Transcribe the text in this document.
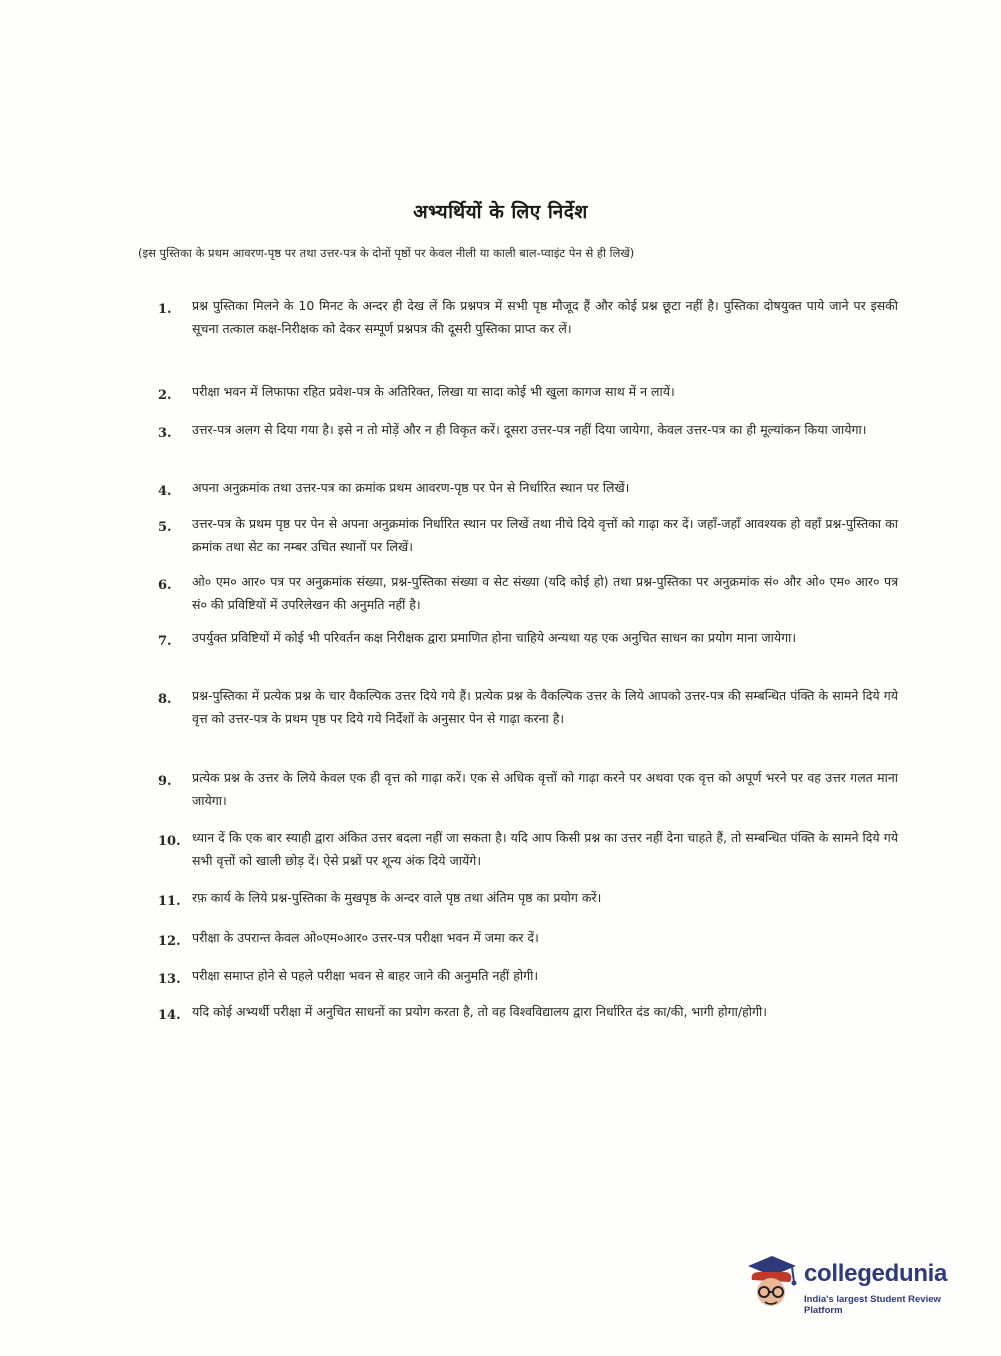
अभ्यर्थियों के लिए निर्देश
(इस पुस्तिका के प्रथम आवरण-पृष्ठ पर तथा उत्तर-पत्र के दोनों पृष्ठों पर केवल नीली या काली बाल-प्वाइंट पेन से ही लिखें)
1.	प्रश्न पुस्तिका मिलने के 10 मिनट के अन्दर ही देख लें कि प्रश्नपत्र में सभी पृष्ठ मौजूद हैं और कोई प्रश्न छूटा नहीं है। पुस्तिका दोषयुक्त पाये जाने पर इसकी सूचना तत्काल कक्ष-निरीक्षक को देकर सम्पूर्ण प्रश्नपत्र की दूसरी पुस्तिका प्राप्त कर लें।
2.	परीक्षा भवन में लिफाफा रहित प्रवेश-पत्र के अतिरिक्त, लिखा या सादा कोई भी खुला कागज साथ में न लायें।
3.	उत्तर-पत्र अलग से दिया गया है। इसे न तो मोड़ें और न ही विकृत करें। दूसरा उत्तर-पत्र नहीं दिया जायेगा, केवल उत्तर-पत्र का ही मूल्यांकन किया जायेगा।
4.	अपना अनुक्रमांक तथा उत्तर-पत्र का क्रमांक प्रथम आवरण-पृष्ठ पर पेन से निर्धारित स्थान पर लिखें।
5.	उत्तर-पत्र के प्रथम पृष्ठ पर पेन से अपना अनुक्रमांक निर्धारित स्थान पर लिखें तथा नीचे दिये वृत्तों को गाढ़ा कर दें। जहाँ-जहाँ आवश्यक हो वहाँ प्रश्न-पुस्तिका का क्रमांक तथा सेट का नम्बर उचित स्थानों पर लिखें।
6.	ओ० एम० आर० पत्र पर अनुक्रमांक संख्या, प्रश्न-पुस्तिका संख्या व सेट संख्या (यदि कोई हो) तथा प्रश्न-पुस्तिका पर अनुक्रमांक सं० और ओ० एम० आर० पत्र सं० की प्रविष्टियों में उपरिलेखन की अनुमति नहीं है।
7.	उपर्युक्त प्रविष्टियों में कोई भी परिवर्तन कक्ष निरीक्षक द्वारा प्रमाणित होना चाहिये अन्यथा यह एक अनुचित साधन का प्रयोग माना जायेगा।
8.	प्रश्न-पुस्तिका में प्रत्येक प्रश्न के चार वैकल्पिक उत्तर दिये गये हैं। प्रत्येक प्रश्न के वैकल्पिक उत्तर के लिये आपको उत्तर-पत्र की सम्बन्धित पंक्ति के सामने दिये गये वृत्त को उत्तर-पत्र के प्रथम पृष्ठ पर दिये गये निर्देशों के अनुसार पेन से गाढ़ा करना है।
9.	प्रत्येक प्रश्न के उत्तर के लिये केवल एक ही वृत्त को गाढ़ा करें। एक से अधिक वृत्तों को गाढ़ा करने पर अथवा एक वृत्त को अपूर्ण भरने पर वह उत्तर गलत माना जायेगा।
10. ध्यान दें कि एक बार स्याही द्वारा अंकित उत्तर बदला नहीं जा सकता है। यदि आप किसी प्रश्न का उत्तर नहीं देना चाहते हैं, तो सम्बन्धित पंक्ति के सामने दिये गये सभी वृत्तों को खाली छोड़ दें। ऐसे प्रश्नों पर शून्य अंक दिये जायेंगे।
11. रफ़ कार्य के लिये प्रश्न-पुस्तिका के मुखपृष्ठ के अन्दर वाले पृष्ठ तथा अंतिम पृष्ठ का प्रयोग करें।
12. परीक्षा के उपरान्त केवल ओ०एम०आर० उत्तर-पत्र परीक्षा भवन में जमा कर दें।
13. परीक्षा समाप्त होने से पहले परीक्षा भवन से बाहर जाने की अनुमति नहीं होगी।
14. यदि कोई अभ्यर्थी परीक्षा में अनुचित साधनों का प्रयोग करता है, तो वह विश्वविद्यालय द्वारा निर्धारित दंड का/की, भागी होगा/होगी।
collegedunia
India's largest Student Review Platform
